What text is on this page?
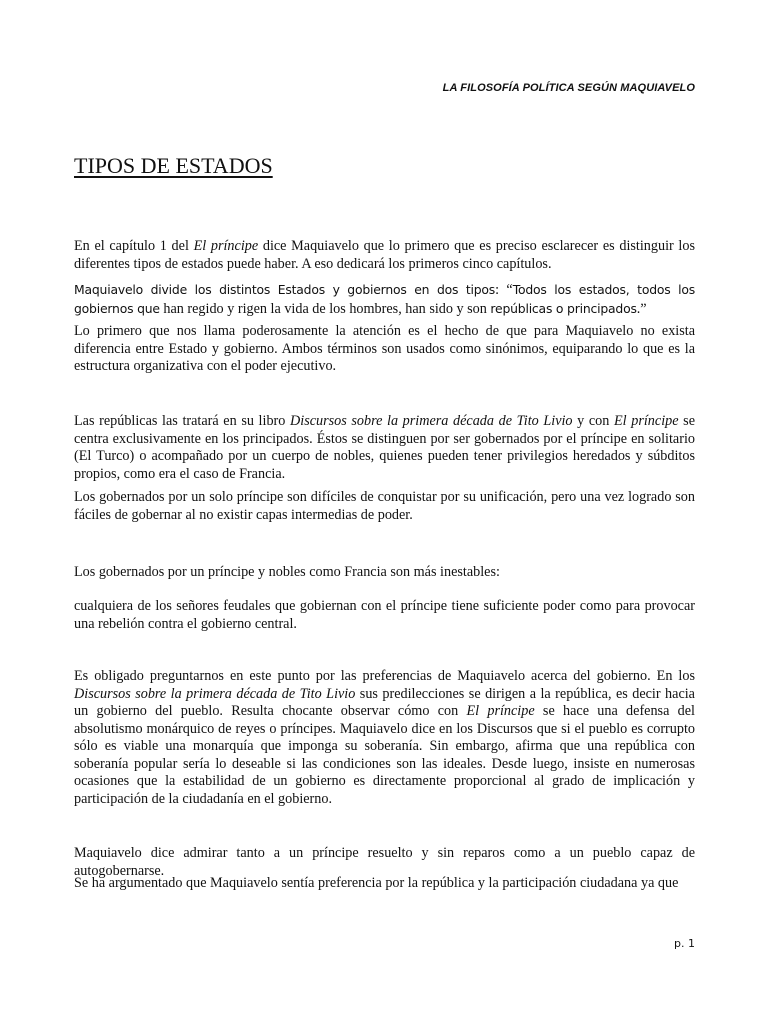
LA FILOSOFÍA POLÍTICA SEGÚN MAQUIAVELO
TIPOS DE ESTADOS

En el capítulo 1 del El príncipe dice Maquiavelo que lo primero que es preciso esclarecer es distinguir los diferentes tipos de estados puede haber. A eso dedicará los primeros cinco capítulos.

Maquiavelo divide los distintos Estados y gobiernos en dos tipos: “Todos los estados, todos los gobiernos que han regido y rigen la vida de los hombres, han sido y son repúblicas o principados.”

Lo primero que nos llama poderosamente la atención es el hecho de que para Maquiavelo no exista diferencia entre Estado y gobierno. Ambos términos son usados como sinónimos, equiparando lo que es la estructura organizativa con el poder ejecutivo.

Las repúblicas las tratará en su libro Discursos sobre la primera década de Tito Livio y con El príncipe se centra exclusivamente en los principados. Éstos se distinguen por ser gobernados por el príncipe en solitario (El Turco) o acompañado por un cuerpo de nobles, quienes pueden tener privilegios heredados y súbditos propios, como era el caso de Francia.

Los gobernados por un solo príncipe son difíciles de conquistar por su unificación, pero una vez logrado son fáciles de gobernar al no existir capas intermedias de poder.

Los gobernados por un príncipe y nobles como Francia son más inestables:

cualquiera de los señores feudales que gobiernan con el príncipe tiene suficiente poder como para provocar una rebelión contra el gobierno central.

Es obligado preguntarnos en este punto por las preferencias de Maquiavelo acerca del gobierno. En los Discursos sobre la primera década de Tito Livio sus predilecciones se dirigen a la república, es decir hacia un gobierno del pueblo. Resulta chocante observar cómo con El príncipe se hace una defensa del absolutismo monárquico de reyes o príncipes. Maquiavelo dice en los Discursos que si el pueblo es corrupto sólo es viable una monarquía que imponga su soberanía. Sin embargo, afirma que una república con soberanía popular sería lo deseable si las condiciones son las ideales. Desde luego, insiste en numerosas ocasiones que la estabilidad de un gobierno es directamente proporcional al grado de implicación y participación de la ciudadanía en el gobierno.

Maquiavelo dice admirar tanto a un príncipe resuelto y sin reparos como a un pueblo capaz de autogobernarse.

Se ha argumentado que Maquiavelo sentía preferencia por la república y la participación ciudadana ya que

p. 1
